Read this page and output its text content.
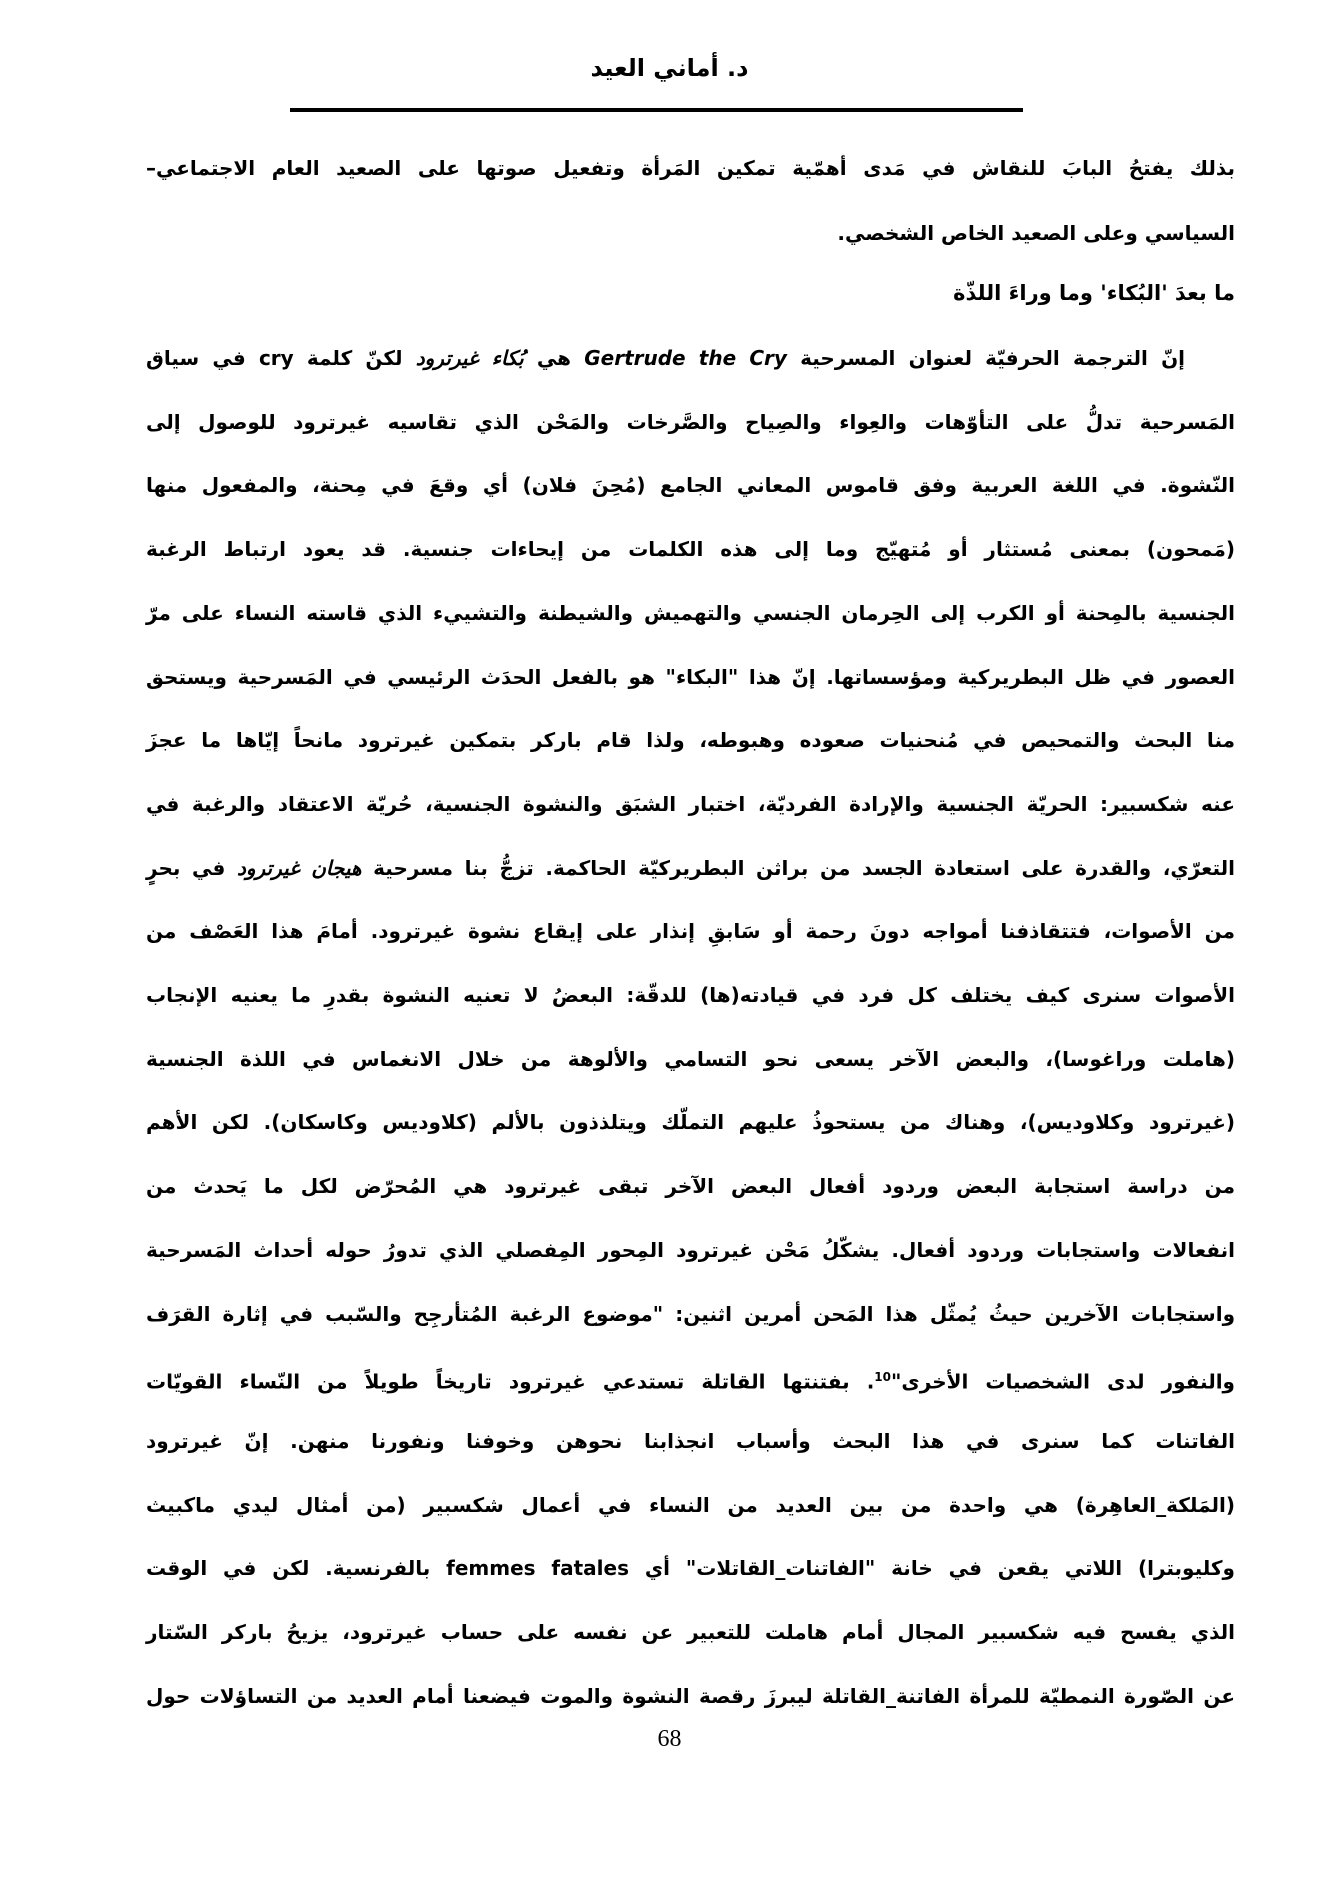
د. أماني العيد
بذلك يفتحُ البابَ للنقاش في مَدى أهمّية تمكين المَرأة وتفعيل صوتها على الصعيد العام الاجتماعي–
السياسي وعلى الصعيد الخاص الشخصي.
ما بعدَ 'البُكاء' وما وراءَ اللذّة
إنّ الترجمة الحرفيّة لعنوان المسرحية Gertrude the Cry هي بُكاء غيرترود لكنّ كلمة cry في سياق
المَسرحية تدلُّ على التأوّهات والعِواء والصِياح والصَّرخات والمَحْن الذي تقاسيه غيرترود للوصول إلى
النّشوة. في اللغة العربية وفق قاموس المعاني الجامع (مُحِنَ فلان) أي وقعَ في مِحنة، والمفعول منها
(مَمحون) بمعنى مُستثار أو مُتهيّج وما إلى هذه الكلمات من إيحاءات جنسية. قد يعود ارتباط الرغبة
الجنسية بالمِحنة أو الكرب إلى الحِرمان الجنسي والتهميش والشيطنة والتشييء الذي قاسته النساء على مرّ
العصور في ظل البطريركية ومؤسساتها. إنّ هذا "البكاء" هو بالفعل الحدَث الرئيسي في المَسرحية ويستحق
منا البحث والتمحيص في مُنحنيات صعوده وهبوطه، ولذا قام باركر بتمكين غيرترود مانحاً إيّاها ما عجزَ
عنه شكسبير: الحريّة الجنسية والإرادة الفرديّة، اختبار الشبَق والنشوة الجنسية، حُريّة الاعتقاد والرغبة في
التعرّي، والقدرة على استعادة الجسد من براثن البطريركيّة الحاكمة. تزجُّ بنا مسرحية هيجان غيرترود في بحرٍ
من الأصوات، فتتقاذفنا أمواجه دونَ رحمة أو سَابقِ إنذار على إيقاع نشوة غيرترود. أمامَ هذا العَصْف من
الأصوات سنرى كيف يختلف كل فرد في قيادته(ها) للدقّة: البعضُ لا تعنيه النشوة بقدرِ ما يعنيه الإنجاب
(هاملت وراغوسا)، والبعض الآخر يسعى نحو التسامي والألوهة من خلال الانغماس في اللذة الجنسية
(غيرترود وكلاوديس)، وهناك من يستحوذُ عليهم التملّك ويتلذذون بالألم (كلاوديس وكاسكان). لكن الأهم
من دراسة استجابة البعض وردود أفعال البعض الآخر تبقى غيرترود هي المُحرّض لكل ما يَحدث من
انفعالات واستجابات وردود أفعال. يشكّلُ مَحْن غيرترود المِحور المِفصلي الذي تدورُ حوله أحداث المَسرحية
واستجابات الآخرين حيثُ يُمثّل هذا المَحن أمرين اثنين: "موضوع الرغبة المُتأرجِح والسّبب في إثارة القرَف
والنفور لدى الشخصيات الأخرى"$^{10}$. بفتنتها القاتلة تستدعي غيرترود تاريخاً طويلاً من النّساء القويّات
الفاتنات كما سنرى في هذا البحث وأسباب انجذابنا نحوهن وخوفنا ونفورنا منهن. إنّ غيرترود
(المَلكة_العاهِرة) هي واحدة من بين العديد من النساء في أعمال شكسبير (من أمثال ليدي ماكبيث
وكليوبترا) اللاتي يقعن في خانة "الفاتنات_القاتلات" أي femmes fatales بالفرنسية. لكن في الوقت
الذي يفسح فيه شكسبير المجال أمام هاملت للتعبير عن نفسه على حساب غيرترود، يزيحُ باركر السّتار
عن الصّورة النمطيّة للمرأة الفاتنة_القاتلة ليبرزَ رقصة النشوة والموت فيضعنا أمام العديد من التساؤلات حول
68
